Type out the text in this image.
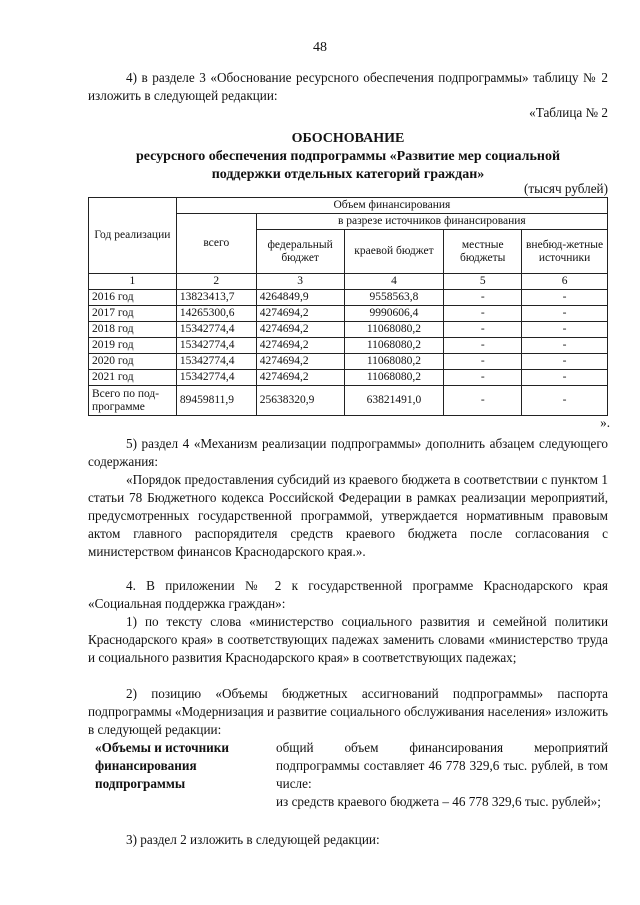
48
4) в разделе 3 «Обоснование ресурсного обеспечения подпрограммы» таблицу № 2 изложить в следующей редакции:
«Таблица № 2
ОБОСНОВАНИЕ
ресурсного обеспечения подпрограммы «Развитие мер социальной
поддержки отдельных категорий граждан»
(тысяч рублей)
Год реализации	Объем финансирования				
	всего	в разрезе источников финансирования			
		федеральный бюджет	краевой бюджет	местные бюджеты	внебюд-жетные источники
1	2	3	4	5	6
2016 год	13823413,7	4264849,9	9558563,8	-	-
2017 год	14265300,6	4274694,2	9990606,4	-	-
2018 год	15342774,4	4274694,2	11068080,2	-	-
2019 год	15342774,4	4274694,2	11068080,2	-	-
2020 год	15342774,4	4274694,2	11068080,2	-	-
2021 год	15342774,4	4274694,2	11068080,2	-	-
Всего по под-программе	89459811,9	25638320,9	63821491,0	-	-
».
5) раздел 4 «Механизм реализации подпрограммы» дополнить абзацем следующего содержания:
«Порядок предоставления субсидий из краевого бюджета в соответствии с пунктом 1 статьи 78 Бюджетного кодекса Российской Федерации в рамках реализации мероприятий, предусмотренных государственной программой, утверждается нормативным правовым актом главного распорядителя средств краевого бюджета после согласования с министерством финансов Краснодарского края.».
4. В приложении № 2 к государственной программе Краснодарского края «Социальная поддержка граждан»:
1) по тексту слова «министерство социального развития и семейной политики Краснодарского края» в соответствующих падежах заменить словами «министерство труда и социального развития Краснодарского края» в соответствующих падежах;
2) позицию «Объемы бюджетных ассигнований подпрограммы» паспорта подпрограммы «Модернизация и развитие социального обслуживания населения» изложить в следующей редакции:
«Объемы и источники финансирования подпрограммы
общий объем финансирования мероприятий подпрограммы составляет 46 778 329,6 тыс. рублей, в том числе:
из средств краевого бюджета – 46 778 329,6 тыс. рублей»;
3) раздел 2 изложить в следующей редакции:
